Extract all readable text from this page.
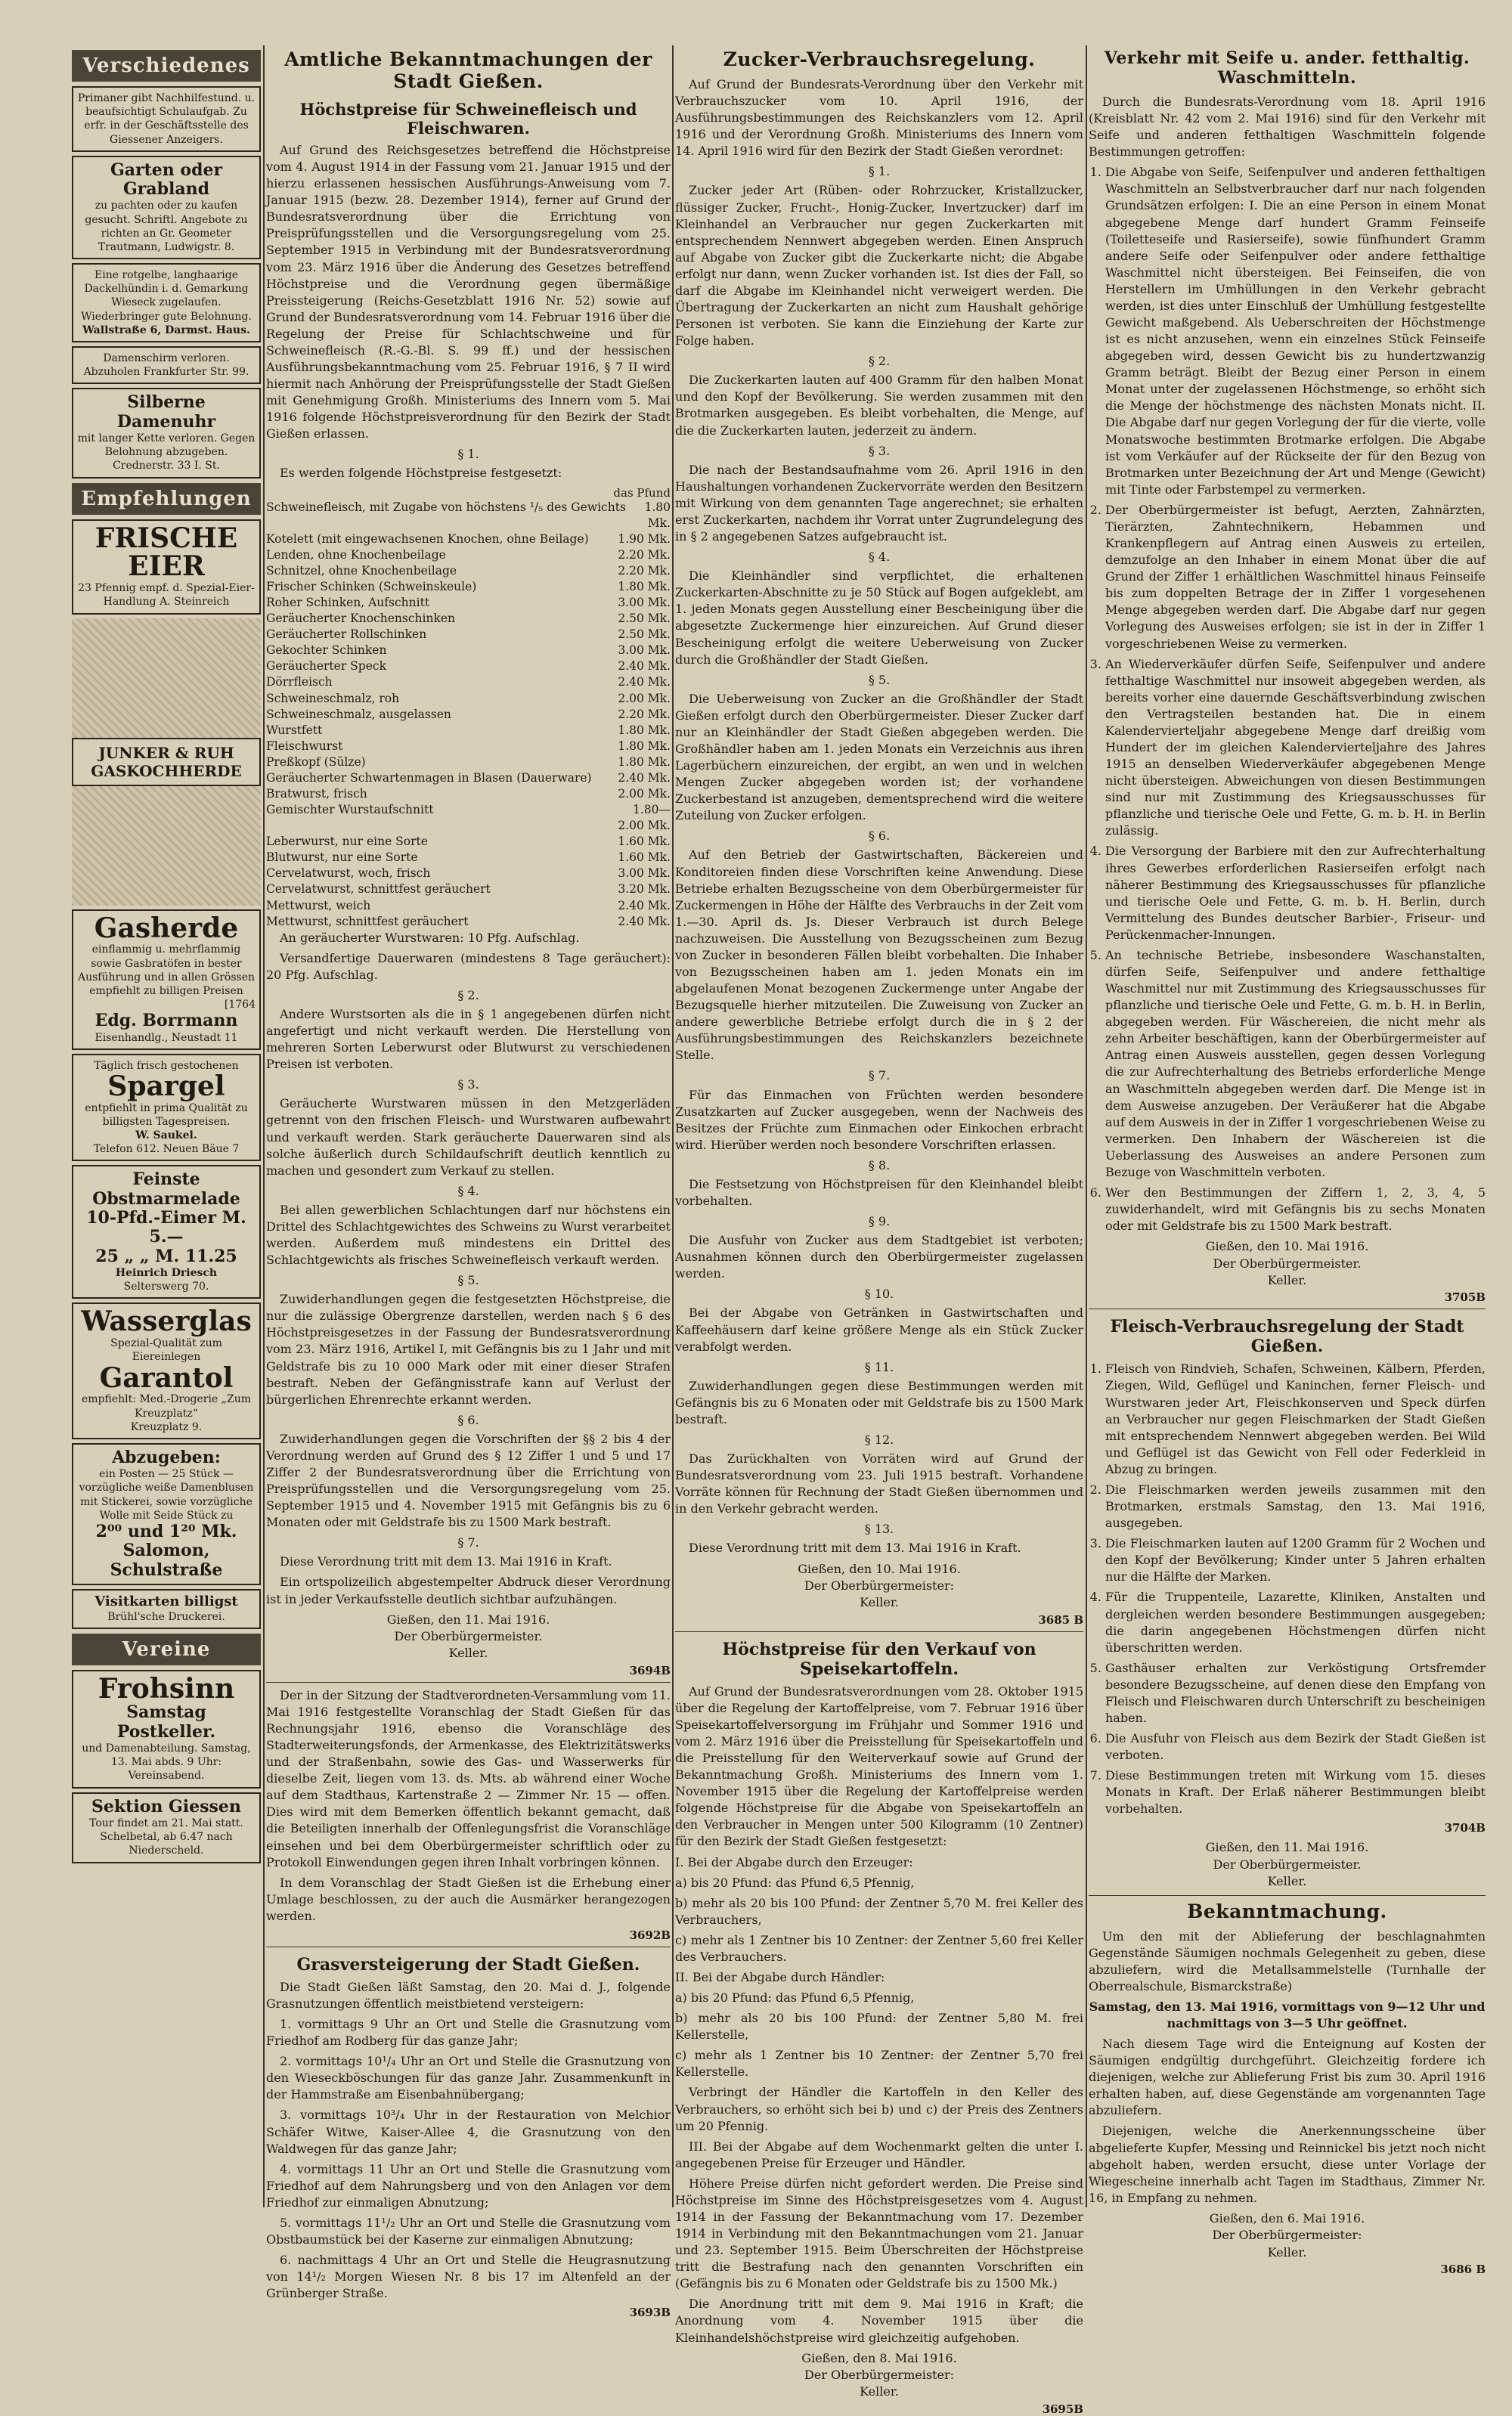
Verschiedenes
Primaner gibt Nachhilfestund. u. beaufsichtigt Schulaufgab. Zu erfr. in der Geschäftsstelle des Giessener Anzeigers.
Garten oder Grabland
zu pachten oder zu kaufen gesucht. Schriftl. Angebote zu richten an Gr. Geometer Trautmann, Ludwigstr. 8.
Eine rotgelbe, langhaarige Dackelhündin i. d. Gemarkung Wieseck zugelaufen. Wiederbringer gute Belohnung.
Wallstraße 6, Darmst. Haus.
Damenschirm verloren. Abzuholen Frankfurter Str. 99.
Silberne Damenuhr
mit langer Kette verloren. Gegen Belohnung abzugeben. Crednerstr. 33 I. St.
Empfehlungen
FRISCHE EIER
23 Pfennig empf. d. Spezial-Eier-Handlung A. Steinreich
JUNKER & RUH GASKOCHHERDE
Gasherde
einflammig u. mehrflammig sowie Gasbratöfen in bester Ausführung und in allen Grössen empfiehlt zu billigen Preisen
[1764
Edg. Borrmann
Eisenhandlg., Neustadt 11
Täglich frisch gestochenen
Spargel
entpfiehlt in prima Qualität zu billigsten Tagespreisen.
W. Saukel.
Telefon 612. Neuen Bäue 7
Feinste Obstmarmelade
10-Pfd.-Eimer M. 5.—
25 „ „ M. 11.25
Heinrich Driesch
Selterswerg 70.
Wasserglas
Spezial-Qualität zum Eiereinlegen
Garantol
empfiehlt: Med.-Drogerie „Zum Kreuzplatz“
Kreuzplatz 9.
Abzugeben:
ein Posten — 25 Stück — vorzügliche weiße Damenblusen mit Stickerei, sowie vorzügliche Wolle mit Seide Stück zu
2⁰⁰ und 1²⁰ Mk.
Salomon, Schulstraße
Visitkarten billigst
Brühl'sche Druckerei.
Vereine
Frohsinn
Samstag Postkeller.
und Damenabteilung. Samstag, 13. Mai abds. 9 Uhr: Vereinsabend.
Sektion Giessen
Tour findet am 21. Mai statt. Schelbetal, ab 6.47 nach Niederscheld.
Amtliche Bekanntmachungen der Stadt Gießen.
Höchstpreise für Schweinefleisch und Fleischwaren.

Auf Grund des Reichsgesetzes betreffend die Höchstpreise vom 4. August 1914 in der Fassung vom 21. Januar 1915 und der hierzu erlassenen hessischen Ausführungs-Anweisung vom 7. Januar 1915 (bezw. 28. Dezember 1914), ferner auf Grund der Bundesratsverordnung über die Errichtung von Preisprüfungsstellen und die Versorgungsregelung vom 25. September 1915 in Verbindung mit der Bundesratsverordnung vom 23. März 1916 über die Änderung des Gesetzes betreffend Höchstpreise und die Verordnung gegen übermäßige Preissteigerung (Reichs-Gesetzblatt 1916 Nr. 52) sowie auf Grund der Bundesratsverordnung vom 14. Februar 1916 über die Regelung der Preise für Schlachtschweine und für Schweinefleisch (R.-G.-Bl. S. 99 ff.) und der hessischen Ausführungsbekanntmachung vom 25. Februar 1916, § 7 II wird hiermit nach Anhörung der Preisprüfungsstelle der Stadt Gießen mit Genehmigung Großh. Ministeriums des Innern vom 5. Mai 1916 folgende Höchstpreisverordnung für den Bezirk der Stadt Gießen erlassen.

§ 1.

Es werden folgende Höchstpreise festgesetzt:

das Pfund
Schweinefleisch, mit Zugabe von höchstens ¹/₅ des Gewichts	1.80 Mk.
Kotelett (mit eingewachsenen Knochen, ohne Beilage)	1.90 Mk.
Lenden, ohne Knochenbeilage	2.20 Mk.
Schnitzel, ohne Knochenbeilage	2.20 Mk.
Frischer Schinken (Schweinskeule)	1.80 Mk.
Roher Schinken, Aufschnitt	3.00 Mk.
Geräucherter Knochenschinken	2.50 Mk.
Geräucherter Rollschinken	2.50 Mk.
Gekochter Schinken	3.00 Mk.
Geräucherter Speck	2.40 Mk.
Dörrfleisch	2.40 Mk.
Schweineschmalz, roh	2.00 Mk.
Schweineschmalz, ausgelassen	2.20 Mk.
Wurstfett	1.80 Mk.
Fleischwurst	1.80 Mk.
Preßkopf (Sülze)	1.80 Mk.
Geräucherter Schwartenmagen in Blasen (Dauerware)	2.40 Mk.
Bratwurst, frisch	2.00 Mk.
Gemischter Wurstaufschnitt	1.80—2.00 Mk.
Leberwurst, nur eine Sorte	1.60 Mk.
Blutwurst, nur eine Sorte	1.60 Mk.
Cervelatwurst, woch, frisch	3.00 Mk.
Cervelatwurst, schnittfest geräuchert	3.20 Mk.
Mettwurst, weich	2.40 Mk.
Mettwurst, schnittfest geräuchert	2.40 Mk.

An geräucherter Wurstwaren: 10 Pfg. Aufschlag.

Versandfertige Dauerwaren (mindestens 8 Tage geräuchert): 20 Pfg. Aufschlag.

§ 2.

Andere Wurstsorten als die in § 1 angegebenen dürfen nicht angefertigt und nicht verkauft werden. Die Herstellung von mehreren Sorten Leberwurst oder Blutwurst zu verschiedenen Preisen ist verboten.

§ 3.

Geräucherte Wurstwaren müssen in den Metzgerläden getrennt von den frischen Fleisch- und Wurstwaren aufbewahrt und verkauft werden. Stark geräucherte Dauerwaren sind als solche äußerlich durch Schildaufschrift deutlich kenntlich zu machen und gesondert zum Verkauf zu stellen.

§ 4.

Bei allen gewerblichen Schlachtungen darf nur höchstens ein Drittel des Schlachtgewichtes des Schweins zu Wurst verarbeitet werden. Außerdem muß mindestens ein Drittel des Schlachtgewichts als frisches Schweinefleisch verkauft werden.

§ 5.

Zuwiderhandlungen gegen die festgesetzten Höchstpreise, die nur die zulässige Obergrenze darstellen, werden nach § 6 des Höchstpreisgesetzes in der Fassung der Bundesratsverordnung vom 23. März 1916, Artikel I, mit Gefängnis bis zu 1 Jahr und mit Geldstrafe bis zu 10 000 Mark oder mit einer dieser Strafen bestraft. Neben der Gefängnisstrafe kann auf Verlust der bürgerlichen Ehrenrechte erkannt werden.

§ 6.

Zuwiderhandlungen gegen die Vorschriften der §§ 2 bis 4 der Verordnung werden auf Grund des § 12 Ziffer 1 und 5 und 17 Ziffer 2 der Bundesratsverordnung über die Errichtung von Preisprüfungsstellen und die Versorgungsregelung vom 25. September 1915 und 4. November 1915 mit Gefängnis bis zu 6 Monaten oder mit Geldstrafe bis zu 1500 Mark bestraft.

§ 7.

Diese Verordnung tritt mit dem 13. Mai 1916 in Kraft.

Ein ortspolizeilich abgestempelter Abdruck dieser Verordnung ist in jeder Verkaufsstelle deutlich sichtbar aufzuhängen.

Gießen, den 11. Mai 1916.
Der Oberbürgermeister.
Keller.
3694B

Der in der Sitzung der Stadtverordneten-Versammlung vom 11. Mai 1916 festgestellte Voranschlag der Stadt Gießen für das Rechnungsjahr 1916, ebenso die Voranschläge des Stadterweiterungsfonds, der Armenkasse, des Elektrizitätswerks und der Straßenbahn, sowie des Gas- und Wasserwerks für dieselbe Zeit, liegen vom 13. ds. Mts. ab während einer Woche auf dem Stadthaus, Kartenstraße 2 — Zimmer Nr. 15 — offen. Dies wird mit dem Bemerken öffentlich bekannt gemacht, daß die Beteiligten innerhalb der Offenlegungsfrist die Voranschläge einsehen und bei dem Oberbürgermeister schriftlich oder zu Protokoll Einwendungen gegen ihren Inhalt vorbringen können.

In dem Voranschlag der Stadt Gießen ist die Erhebung einer Umlage beschlossen, zu der auch die Ausmärker herangezogen werden.

3692B
Grasversteigerung der Stadt Gießen.

Die Stadt Gießen läßt Samstag, den 20. Mai d. J., folgende Grasnutzungen öffentlich meistbietend versteigern:

1. vormittags 9 Uhr an Ort und Stelle die Grasnutzung vom Friedhof am Rodberg für das ganze Jahr;

2. vormittags 10¹/₄ Uhr an Ort und Stelle die Grasnutzung von den Wieseckböschungen für das ganze Jahr. Zusammenkunft in der Hammstraße am Eisenbahnübergang;

3. vormittags 10³/₄ Uhr in der Restauration von Melchior Schäfer Witwe, Kaiser-Allee 4, die Grasnutzung von den Waldwegen für das ganze Jahr;

4. vormittags 11 Uhr an Ort und Stelle die Grasnutzung vom Friedhof auf dem Nahrungsberg und von den Anlagen vor dem Friedhof zur einmaligen Abnutzung;

5. vormittags 11¹/₂ Uhr an Ort und Stelle die Grasnutzung vom Obstbaumstück bei der Kaserne zur einmaligen Abnutzung;

6. nachmittags 4 Uhr an Ort und Stelle die Heugrasnutzung von 14¹/₂ Morgen Wiesen Nr. 8 bis 17 im Altenfeld an der Grünberger Straße.

3693B
Zucker-Verbrauchsregelung.

Auf Grund der Bundesrats-Verordnung über den Verkehr mit Verbrauchszucker vom 10. April 1916, der Ausführungsbestimmungen des Reichskanzlers vom 12. April 1916 und der Verordnung Großh. Ministeriums des Innern vom 14. April 1916 wird für den Bezirk der Stadt Gießen verordnet:

§ 1.

Zucker jeder Art (Rüben- oder Rohrzucker, Kristallzucker, flüssiger Zucker, Frucht-, Honig-Zucker, Invertzucker) darf im Kleinhandel an Verbraucher nur gegen Zuckerkarten mit entsprechendem Nennwert abgegeben werden. Einen Anspruch auf Abgabe von Zucker gibt die Zuckerkarte nicht; die Abgabe erfolgt nur dann, wenn Zucker vorhanden ist. Ist dies der Fall, so darf die Abgabe im Kleinhandel nicht verweigert werden. Die Übertragung der Zuckerkarten an nicht zum Haushalt gehörige Personen ist verboten. Sie kann die Einziehung der Karte zur Folge haben.

§ 2.

Die Zuckerkarten lauten auf 400 Gramm für den halben Monat und den Kopf der Bevölkerung. Sie werden zusammen mit den Brotmarken ausgegeben. Es bleibt vorbehalten, die Menge, auf die die Zuckerkarten lauten, jederzeit zu ändern.

§ 3.

Die nach der Bestandsaufnahme vom 26. April 1916 in den Haushaltungen vorhandenen Zuckervorräte werden den Besitzern mit Wirkung von dem genannten Tage angerechnet; sie erhalten erst Zuckerkarten, nachdem ihr Vorrat unter Zugrundelegung des in § 2 angegebenen Satzes aufgebraucht ist.

§ 4.

Die Kleinhändler sind verpflichtet, die erhaltenen Zuckerkarten-Abschnitte zu je 50 Stück auf Bogen aufgeklebt, am 1. jeden Monats gegen Ausstellung einer Bescheinigung über die abgesetzte Zuckermenge hier einzureichen. Auf Grund dieser Bescheinigung erfolgt die weitere Ueberweisung von Zucker durch die Großhändler der Stadt Gießen.

§ 5.

Die Ueberweisung von Zucker an die Großhändler der Stadt Gießen erfolgt durch den Oberbürgermeister. Dieser Zucker darf nur an Kleinhändler der Stadt Gießen abgegeben werden. Die Großhändler haben am 1. jeden Monats ein Verzeichnis aus ihren Lagerbüchern einzureichen, der ergibt, an wen und in welchen Mengen Zucker abgegeben worden ist; der vorhandene Zuckerbestand ist anzugeben, dementsprechend wird die weitere Zuteilung von Zucker erfolgen.

§ 6.

Auf den Betrieb der Gastwirtschaften, Bäckereien und Konditoreien finden diese Vorschriften keine Anwendung. Diese Betriebe erhalten Bezugsscheine von dem Oberbürgermeister für Zuckermengen in Höhe der Hälfte des Verbrauchs in der Zeit vom 1.—30. April ds. Js. Dieser Verbrauch ist durch Belege nachzuweisen. Die Ausstellung von Bezugsscheinen zum Bezug von Zucker in besonderen Fällen bleibt vorbehalten. Die Inhaber von Bezugsscheinen haben am 1. jeden Monats ein im abgelaufenen Monat bezogenen Zuckermenge unter Angabe der Bezugsquelle hierher mitzuteilen. Die Zuweisung von Zucker an andere gewerbliche Betriebe erfolgt durch die in § 2 der Ausführungsbestimmungen des Reichskanzlers bezeichnete Stelle.

§ 7.

Für das Einmachen von Früchten werden besondere Zusatzkarten auf Zucker ausgegeben, wenn der Nachweis des Besitzes der Früchte zum Einmachen oder Einkochen erbracht wird. Hierüber werden noch besondere Vorschriften erlassen.

§ 8.

Die Festsetzung von Höchstpreisen für den Kleinhandel bleibt vorbehalten.

§ 9.

Die Ausfuhr von Zucker aus dem Stadtgebiet ist verboten; Ausnahmen können durch den Oberbürgermeister zugelassen werden.

§ 10.

Bei der Abgabe von Getränken in Gastwirtschaften und Kaffeehäusern darf keine größere Menge als ein Stück Zucker verabfolgt werden.

§ 11.

Zuwiderhandlungen gegen diese Bestimmungen werden mit Gefängnis bis zu 6 Monaten oder mit Geldstrafe bis zu 1500 Mark bestraft.

§ 12.

Das Zurückhalten von Vorräten wird auf Grund der Bundesratsverordnung vom 23. Juli 1915 bestraft. Vorhandene Vorräte können für Rechnung der Stadt Gießen übernommen und in den Verkehr gebracht werden.

§ 13.

Diese Verordnung tritt mit dem 13. Mai 1916 in Kraft.

Gießen, den 10. Mai 1916.
Der Oberbürgermeister:
Keller.
3685 B
Höchstpreise für den Verkauf von Speisekartoffeln.

Auf Grund der Bundesratsverordnungen vom 28. Oktober 1915 über die Regelung der Kartoffelpreise, vom 7. Februar 1916 über Speisekartoffelversorgung im Frühjahr und Sommer 1916 und vom 2. März 1916 über die Preisstellung für Speisekartoffeln und die Preisstellung für den Weiterverkauf sowie auf Grund der Bekanntmachung Großh. Ministeriums des Innern vom 1. November 1915 über die Regelung der Kartoffelpreise werden folgende Höchstpreise für die Abgabe von Speisekartoffeln an den Verbraucher in Mengen unter 500 Kilogramm (10 Zentner) für den Bezirk der Stadt Gießen festgesetzt:

I. Bei der Abgabe durch den Erzeuger:

a) bis 20 Pfund: das Pfund 6,5 Pfennig,

b) mehr als 20 bis 100 Pfund: der Zentner 5,70 M. frei Keller des Verbrauchers,

c) mehr als 1 Zentner bis 10 Zentner: der Zentner 5,60 frei Keller des Verbrauchers.

II. Bei der Abgabe durch Händler:

a) bis 20 Pfund: das Pfund 6,5 Pfennig,

b) mehr als 20 bis 100 Pfund: der Zentner 5,80 M. frei Kellerstelle,

c) mehr als 1 Zentner bis 10 Zentner: der Zentner 5,70 frei Kellerstelle.

Verbringt der Händler die Kartoffeln in den Keller des Verbrauchers, so erhöht sich bei b) und c) der Preis des Zentners um 20 Pfennig.

III. Bei der Abgabe auf dem Wochenmarkt gelten die unter I. angegebenen Preise für Erzeuger und Händler.

Höhere Preise dürfen nicht gefordert werden. Die Preise sind Höchstpreise im Sinne des Höchstpreisgesetzes vom 4. August 1914 in der Fassung der Bekanntmachung vom 17. Dezember 1914 in Verbindung mit den Bekanntmachungen vom 21. Januar und 23. September 1915. Beim Überschreiten der Höchstpreise tritt die Bestrafung nach den genannten Vorschriften ein (Gefängnis bis zu 6 Monaten oder Geldstrafe bis zu 1500 Mk.)

Die Anordnung tritt mit dem 9. Mai 1916 in Kraft; die Anordnung vom 4. November 1915 über die Kleinhandelshöchstpreise wird gleichzeitig aufgehoben.

Gießen, den 8. Mai 1916.
Der Oberbürgermeister:
Keller.
3695B
Verkehr mit Seife u. ander. fetthaltig. Waschmitteln.

Durch die Bundesrats-Verordnung vom 18. April 1916 (Kreisblatt Nr. 42 vom 2. Mai 1916) sind für den Verkehr mit Seife und anderen fetthaltigen Waschmitteln folgende Bestimmungen getroffen:

1. Die Abgabe von Seife, Seifenpulver und anderen fetthaltigen Waschmitteln an Selbstverbraucher darf nur nach folgenden Grundsätzen erfolgen: I. Die an eine Person in einem Monat abgegebene Menge darf hundert Gramm Feinseife (Toiletteseife und Rasierseife), sowie fünfhundert Gramm andere Seife oder Seifenpulver oder andere fetthaltige Waschmittel nicht übersteigen. Bei Feinseifen, die von Herstellern im Umhüllungen in den Verkehr gebracht werden, ist dies unter Einschluß der Umhüllung festgestellte Gewicht maßgebend. Als Ueberschreiten der Höchstmenge ist es nicht anzusehen, wenn ein einzelnes Stück Feinseife abgegeben wird, dessen Gewicht bis zu hundertzwanzig Gramm beträgt. Bleibt der Bezug einer Person in einem Monat unter der zugelassenen Höchstmenge, so erhöht sich die Menge der höchstmenge des nächsten Monats nicht. II. Die Abgabe darf nur gegen Vorlegung der für die vierte, volle Monatswoche bestimmten Brotmarke erfolgen. Die Abgabe ist vom Verkäufer auf der Rückseite der für den Bezug von Brotmarken unter Bezeichnung der Art und Menge (Gewicht) mit Tinte oder Farbstempel zu vermerken.
2. Der Oberbürgermeister ist befugt, Aerzten, Zahnärzten, Tierärzten, Zahntechnikern, Hebammen und Krankenpflegern auf Antrag einen Ausweis zu erteilen, demzufolge an den Inhaber in einem Monat über die auf Grund der Ziffer 1 erhältlichen Waschmittel hinaus Feinseife bis zum doppelten Betrage der in Ziffer 1 vorgesehenen Menge abgegeben werden darf. Die Abgabe darf nur gegen Vorlegung des Ausweises erfolgen; sie ist in der in Ziffer 1 vorgeschriebenen Weise zu vermerken.
3. An Wiederverkäufer dürfen Seife, Seifenpulver und andere fetthaltige Waschmittel nur insoweit abgegeben werden, als bereits vorher eine dauernde Geschäftsverbindung zwischen den Vertragsteilen bestanden hat. Die in einem Kalendervierteljahr abgegebene Menge darf dreißig vom Hundert der im gleichen Kalendervierteljahre des Jahres 1915 an denselben Wiederverkäufer abgegebenen Menge nicht übersteigen. Abweichungen von diesen Bestimmungen sind nur mit Zustimmung des Kriegsausschusses für pflanzliche und tierische Oele und Fette, G. m. b. H. in Berlin zulässig.
4. Die Versorgung der Barbiere mit den zur Aufrechterhaltung ihres Gewerbes erforderlichen Rasierseifen erfolgt nach näherer Bestimmung des Kriegsausschusses für pflanzliche und tierische Oele und Fette, G. m. b. H. Berlin, durch Vermittelung des Bundes deutscher Barbier-, Friseur- und Perückenmacher-Innungen.
5. An technische Betriebe, insbesondere Waschanstalten, dürfen Seife, Seifenpulver und andere fetthaltige Waschmittel nur mit Zustimmung des Kriegsausschusses für pflanzliche und tierische Oele und Fette, G. m. b. H. in Berlin, abgegeben werden. Für Wäschereien, die nicht mehr als zehn Arbeiter beschäftigen, kann der Oberbürgermeister auf Antrag einen Ausweis ausstellen, gegen dessen Vorlegung die zur Aufrechterhaltung des Betriebs erforderliche Menge an Waschmitteln abgegeben werden darf. Die Menge ist in dem Ausweise anzugeben. Der Veräußerer hat die Abgabe auf dem Ausweis in der in Ziffer 1 vorgeschriebenen Weise zu vermerken. Den Inhabern der Wäschereien ist die Ueberlassung des Ausweises an andere Personen zum Bezuge von Waschmitteln verboten.
6. Wer den Bestimmungen der Ziffern 1, 2, 3, 4, 5 zuwiderhandelt, wird mit Gefängnis bis zu sechs Monaten oder mit Geldstrafe bis zu 1500 Mark bestraft.
Gießen, den 10. Mai 1916.
Der Oberbürgermeister.
Keller.
3705B
Fleisch-Verbrauchsregelung der Stadt Gießen.
1. Fleisch von Rindvieh, Schafen, Schweinen, Kälbern, Pferden, Ziegen, Wild, Geflügel und Kaninchen, ferner Fleisch- und Wurstwaren jeder Art, Fleischkonserven und Speck dürfen an Verbraucher nur gegen Fleischmarken der Stadt Gießen mit entsprechendem Nennwert abgegeben werden. Bei Wild und Geflügel ist das Gewicht von Fell oder Federkleid in Abzug zu bringen.
2. Die Fleischmarken werden jeweils zusammen mit den Brotmarken, erstmals Samstag, den 13. Mai 1916, ausgegeben.
3. Die Fleischmarken lauten auf 1200 Gramm für 2 Wochen und den Kopf der Bevölkerung; Kinder unter 5 Jahren erhalten nur die Hälfte der Marken.
4. Für die Truppenteile, Lazarette, Kliniken, Anstalten und dergleichen werden besondere Bestimmungen ausgegeben; die darin angegebenen Höchstmengen dürfen nicht überschritten werden.
5. Gasthäuser erhalten zur Verköstigung Ortsfremder besondere Bezugsscheine, auf denen diese den Empfang von Fleisch und Fleischwaren durch Unterschrift zu bescheinigen haben.
6. Die Ausfuhr von Fleisch aus dem Bezirk der Stadt Gießen ist verboten.
7. Diese Bestimmungen treten mit Wirkung vom 15. dieses Monats in Kraft. Der Erlaß näherer Bestimmungen bleibt vorbehalten.
3704B
Gießen, den 11. Mai 1916.
Der Oberbürgermeister.
Keller.
Bekanntmachung.

Um den mit der Ablieferung der beschlagnahmten Gegenstände Säumigen nochmals Gelegenheit zu geben, diese abzuliefern, wird die Metallsammelstelle (Turnhalle der Oberrealschule, Bismarckstraße)

Samstag, den 13. Mai 1916, vormittags von 9—12 Uhr und nachmittags von 3—5 Uhr geöffnet.

Nach diesem Tage wird die Enteignung auf Kosten der Säumigen endgültig durchgeführt. Gleichzeitig fordere ich diejenigen, welche zur Ablieferung Frist bis zum 30. April 1916 erhalten haben, auf, diese Gegenstände am vorgenannten Tage abzuliefern.

Diejenigen, welche die Anerkennungsscheine über abgelieferte Kupfer, Messing und Reinnickel bis jetzt noch nicht abgeholt haben, werden ersucht, diese unter Vorlage der Wiegescheine innerhalb acht Tagen im Stadthaus, Zimmer Nr. 16, in Empfang zu nehmen.

Gießen, den 6. Mai 1916.
Der Oberbürgermeister:
Keller.
3686 B
